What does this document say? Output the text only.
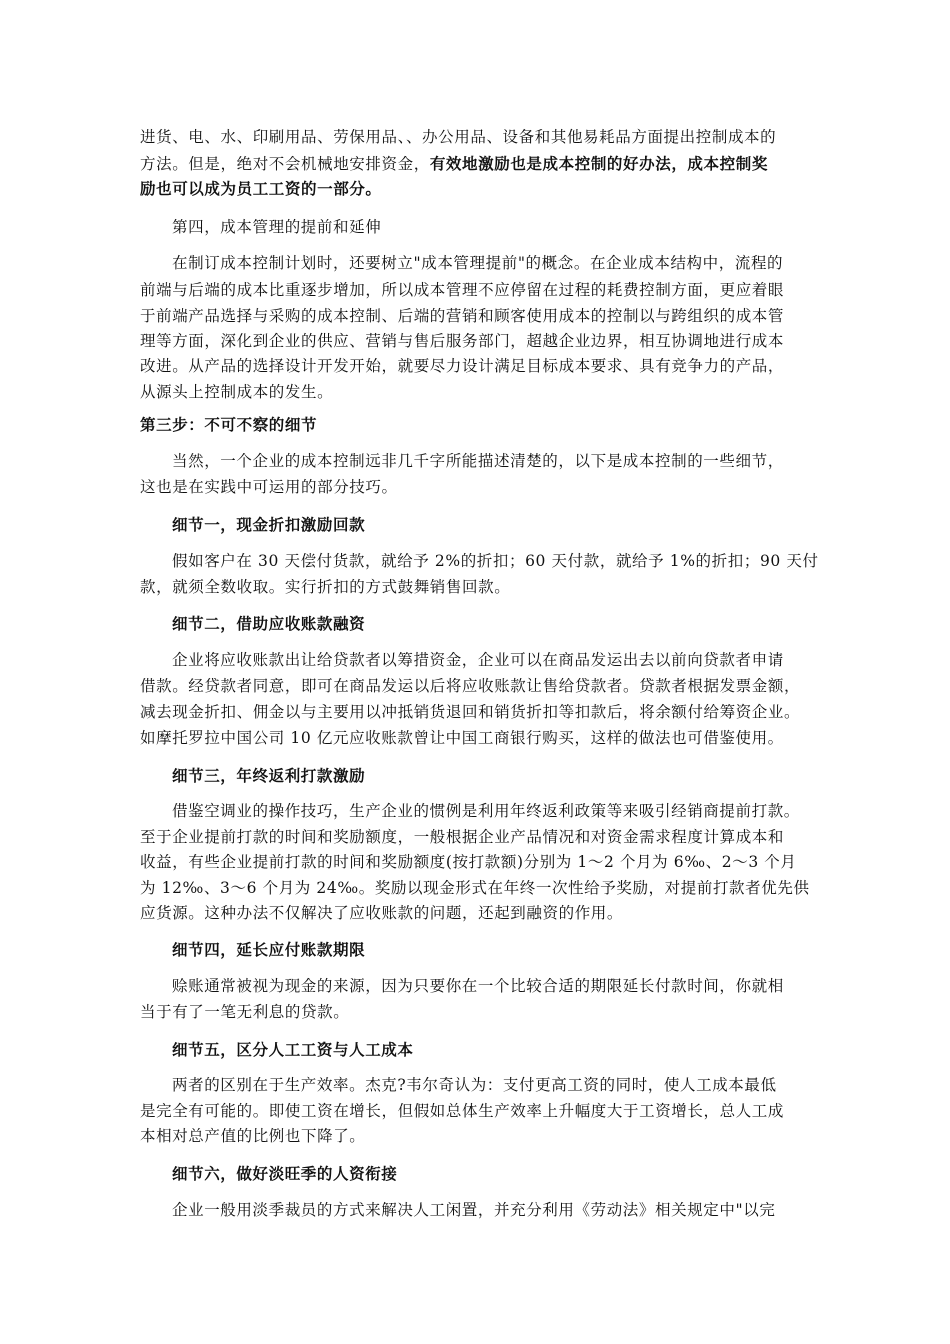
进货、电、水、印刷用品、劳保用品、、办公用品、设备和其他易耗品方面提出控制成本的
方法。但是，绝对不会机械地安排资金，有效地激励也是成本控制的好办法，成本控制奖
励也可以成为员工工资的一部分。
第四，成本管理的提前和延伸
在制订成本控制计划时，还要树立"成本管理提前"的概念。在企业成本结构中，流程的
前端与后端的成本比重逐步增加，所以成本管理不应停留在过程的耗费控制方面，更应着眼
于前端产品选择与采购的成本控制、后端的营销和顾客使用成本的控制以与跨组织的成本管
理等方面，深化到企业的供应、营销与售后服务部门，超越企业边界，相互协调地进行成本
改进。从产品的选择设计开发开始，就要尽力设计满足目标成本要求、具有竞争力的产品，
从源头上控制成本的发生。
第三步：不可不察的细节
当然，一个企业的成本控制远非几千字所能描述清楚的，以下是成本控制的一些细节，
这也是在实践中可运用的部分技巧。
细节一，现金折扣激励回款
假如客户在 30 天偿付货款，就给予 2%的折扣；60 天付款，就给予 1%的折扣；90 天付
款，就须全数收取。实行折扣的方式鼓舞销售回款。
细节二，借助应收账款融资
企业将应收账款出让给贷款者以筹措资金，企业可以在商品发运出去以前向贷款者申请
借款。经贷款者同意，即可在商品发运以后将应收账款让售给贷款者。贷款者根据发票金额，
减去现金折扣、佣金以与主要用以冲抵销货退回和销货折扣等扣款后，将余额付给筹资企业。
如摩托罗拉中国公司 10 亿元应收账款曾让中国工商银行购买，这样的做法也可借鉴使用。
细节三，年终返利打款激励
借鉴空调业的操作技巧，生产企业的惯例是利用年终返利政策等来吸引经销商提前打款。
至于企业提前打款的时间和奖励额度，一般根据企业产品情况和对资金需求程度计算成本和
收益，有些企业提前打款的时间和奖励额度(按打款额)分别为 1～2 个月为 6‰、2～3 个月
为 12‰、3～6 个月为 24‰。奖励以现金形式在年终一次性给予奖励，对提前打款者优先供
应货源。这种办法不仅解决了应收账款的问题，还起到融资的作用。
细节四，延长应付账款期限
赊账通常被视为现金的来源，因为只要你在一个比较合适的期限延长付款时间，你就相
当于有了一笔无利息的贷款。
细节五，区分人工工资与人工成本
两者的区别在于生产效率。杰克?韦尔奇认为：支付更高工资的同时，使人工成本最低
是完全有可能的。即使工资在增长，但假如总体生产效率上升幅度大于工资增长，总人工成
本相对总产值的比例也下降了。
细节六，做好淡旺季的人资衔接
企业一般用淡季裁员的方式来解决人工闲置，并充分利用《劳动法》相关规定中"以完
